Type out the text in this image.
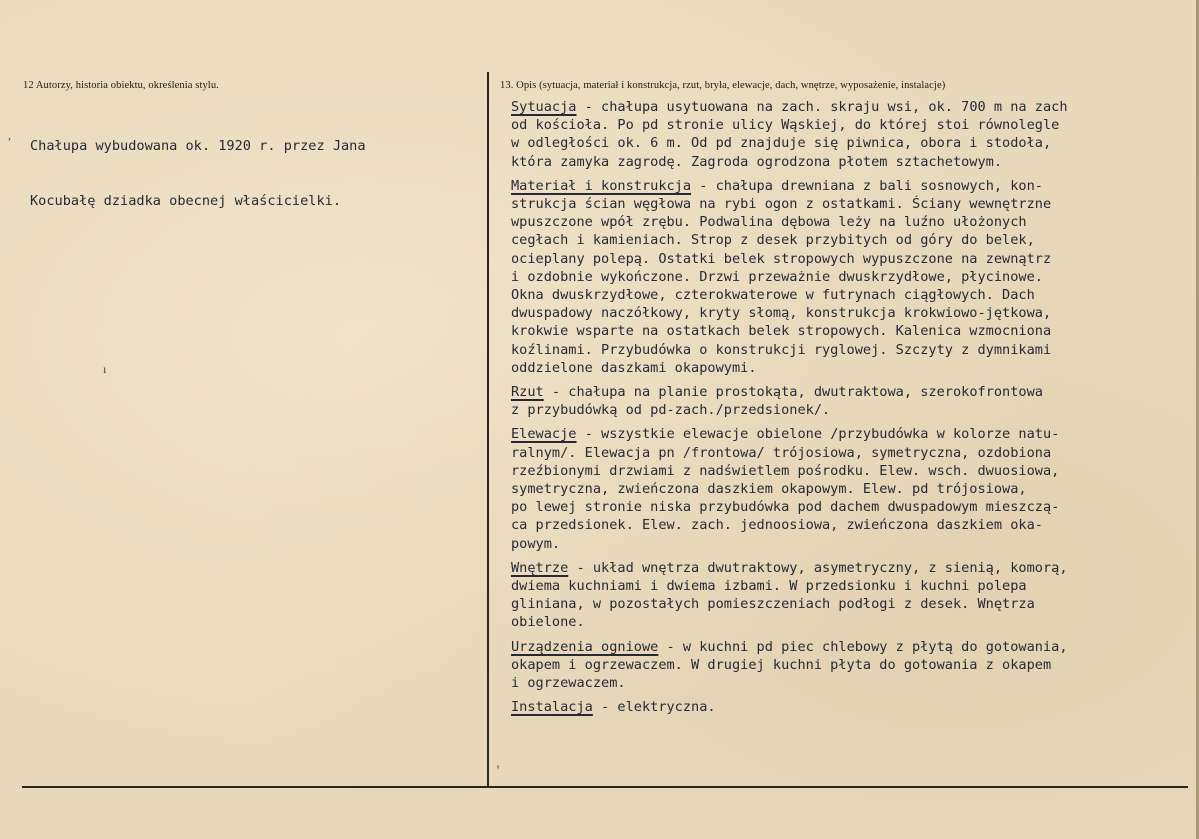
12 Autorzy, historia obiektu, określenia stylu.	13. Opis (sytuacja, materiał i konstrukcja, rzut, bryła, elewacje, dach, wnętrze, wyposażenie, instalacje)

Chałupa wybudowana ok. 1920 r. przez Jana

Kocubałę dziadka obecnej właścicielki.

Sytuacja - chałupa usytuowana na zach. skraju wsi, ok. 700 m na zach
od kościoła. Po pd stronie ulicy Wąskiej, do której stoi równolegle
w odległości ok. 6 m. Od pd znajduje się piwnica, obora i stodoła,
która zamyka zagrodę. Zagroda ogrodzona płotem sztachetowym.
Materiał i konstrukcja - chałupa drewniana z bali sosnowych, kon-
strukcja ścian węgłowa na rybi ogon z ostatkami. Ściany wewnętrzne
wpuszczone wpół zrębu. Podwalina dębowa leży na luźno ułożonych
cegłach i kamieniach. Strop z desek przybitych od góry do belek,
ocieplany polepą. Ostatki belek stropowych wypuszczone na zewnątrz
i ozdobnie wykończone. Drzwi przeważnie dwuskrzydłowe, płycinowe.
Okna dwuskrzydłowe, czterokwaterowe w futrynach ciągłowych. Dach
dwuspadowy naczółkowy, kryty słomą, konstrukcja krokwiowo-jętkowa,
krokwie wsparte na ostatkach belek stropowych. Kalenica wzmocniona
koźlinami. Przybudówka o konstrukcji ryglowej. Szczyty z dymnikami
oddzielone daszkami okapowymi.
Rzut - chałupa na planie prostokąta, dwutraktowa, szerokofrontowa
z przybudówką od pd-zach./przedsionek/.
Elewacje - wszystkie elewacje obielone /przybudówka w kolorze natu-
ralnym/. Elewacja pn /frontowa/ trójosiowa, symetryczna, ozdobiona
rzeźbionymi drzwiami z nadświetlem pośrodku. Elew. wsch. dwuosiowa,
symetryczna, zwieńczona daszkiem okapowym. Elew. pd trójosiowa,
po lewej stronie niska przybudówka pod dachem dwuspadowym mieszczą-
ca przedsionek. Elew. zach. jednoosiowa, zwieńczona daszkiem oka-
powym.
Wnętrze - układ wnętrza dwutraktowy, asymetryczny, z sienią, komorą,
dwiema kuchniami i dwiema izbami. W przedsionku i kuchni polepa
gliniana, w pozostałych pomieszczeniach podłogi z desek. Wnętrza
obielone.
Urządzenia ogniowe - w kuchni pd piec chlebowy z płytą do gotowania,
okapem i ogrzewaczem. W drugiej kuchni płyta do gotowania z okapem
i ogrzewaczem.
Instalacja - elektryczna.
,
ı
ꞌ
